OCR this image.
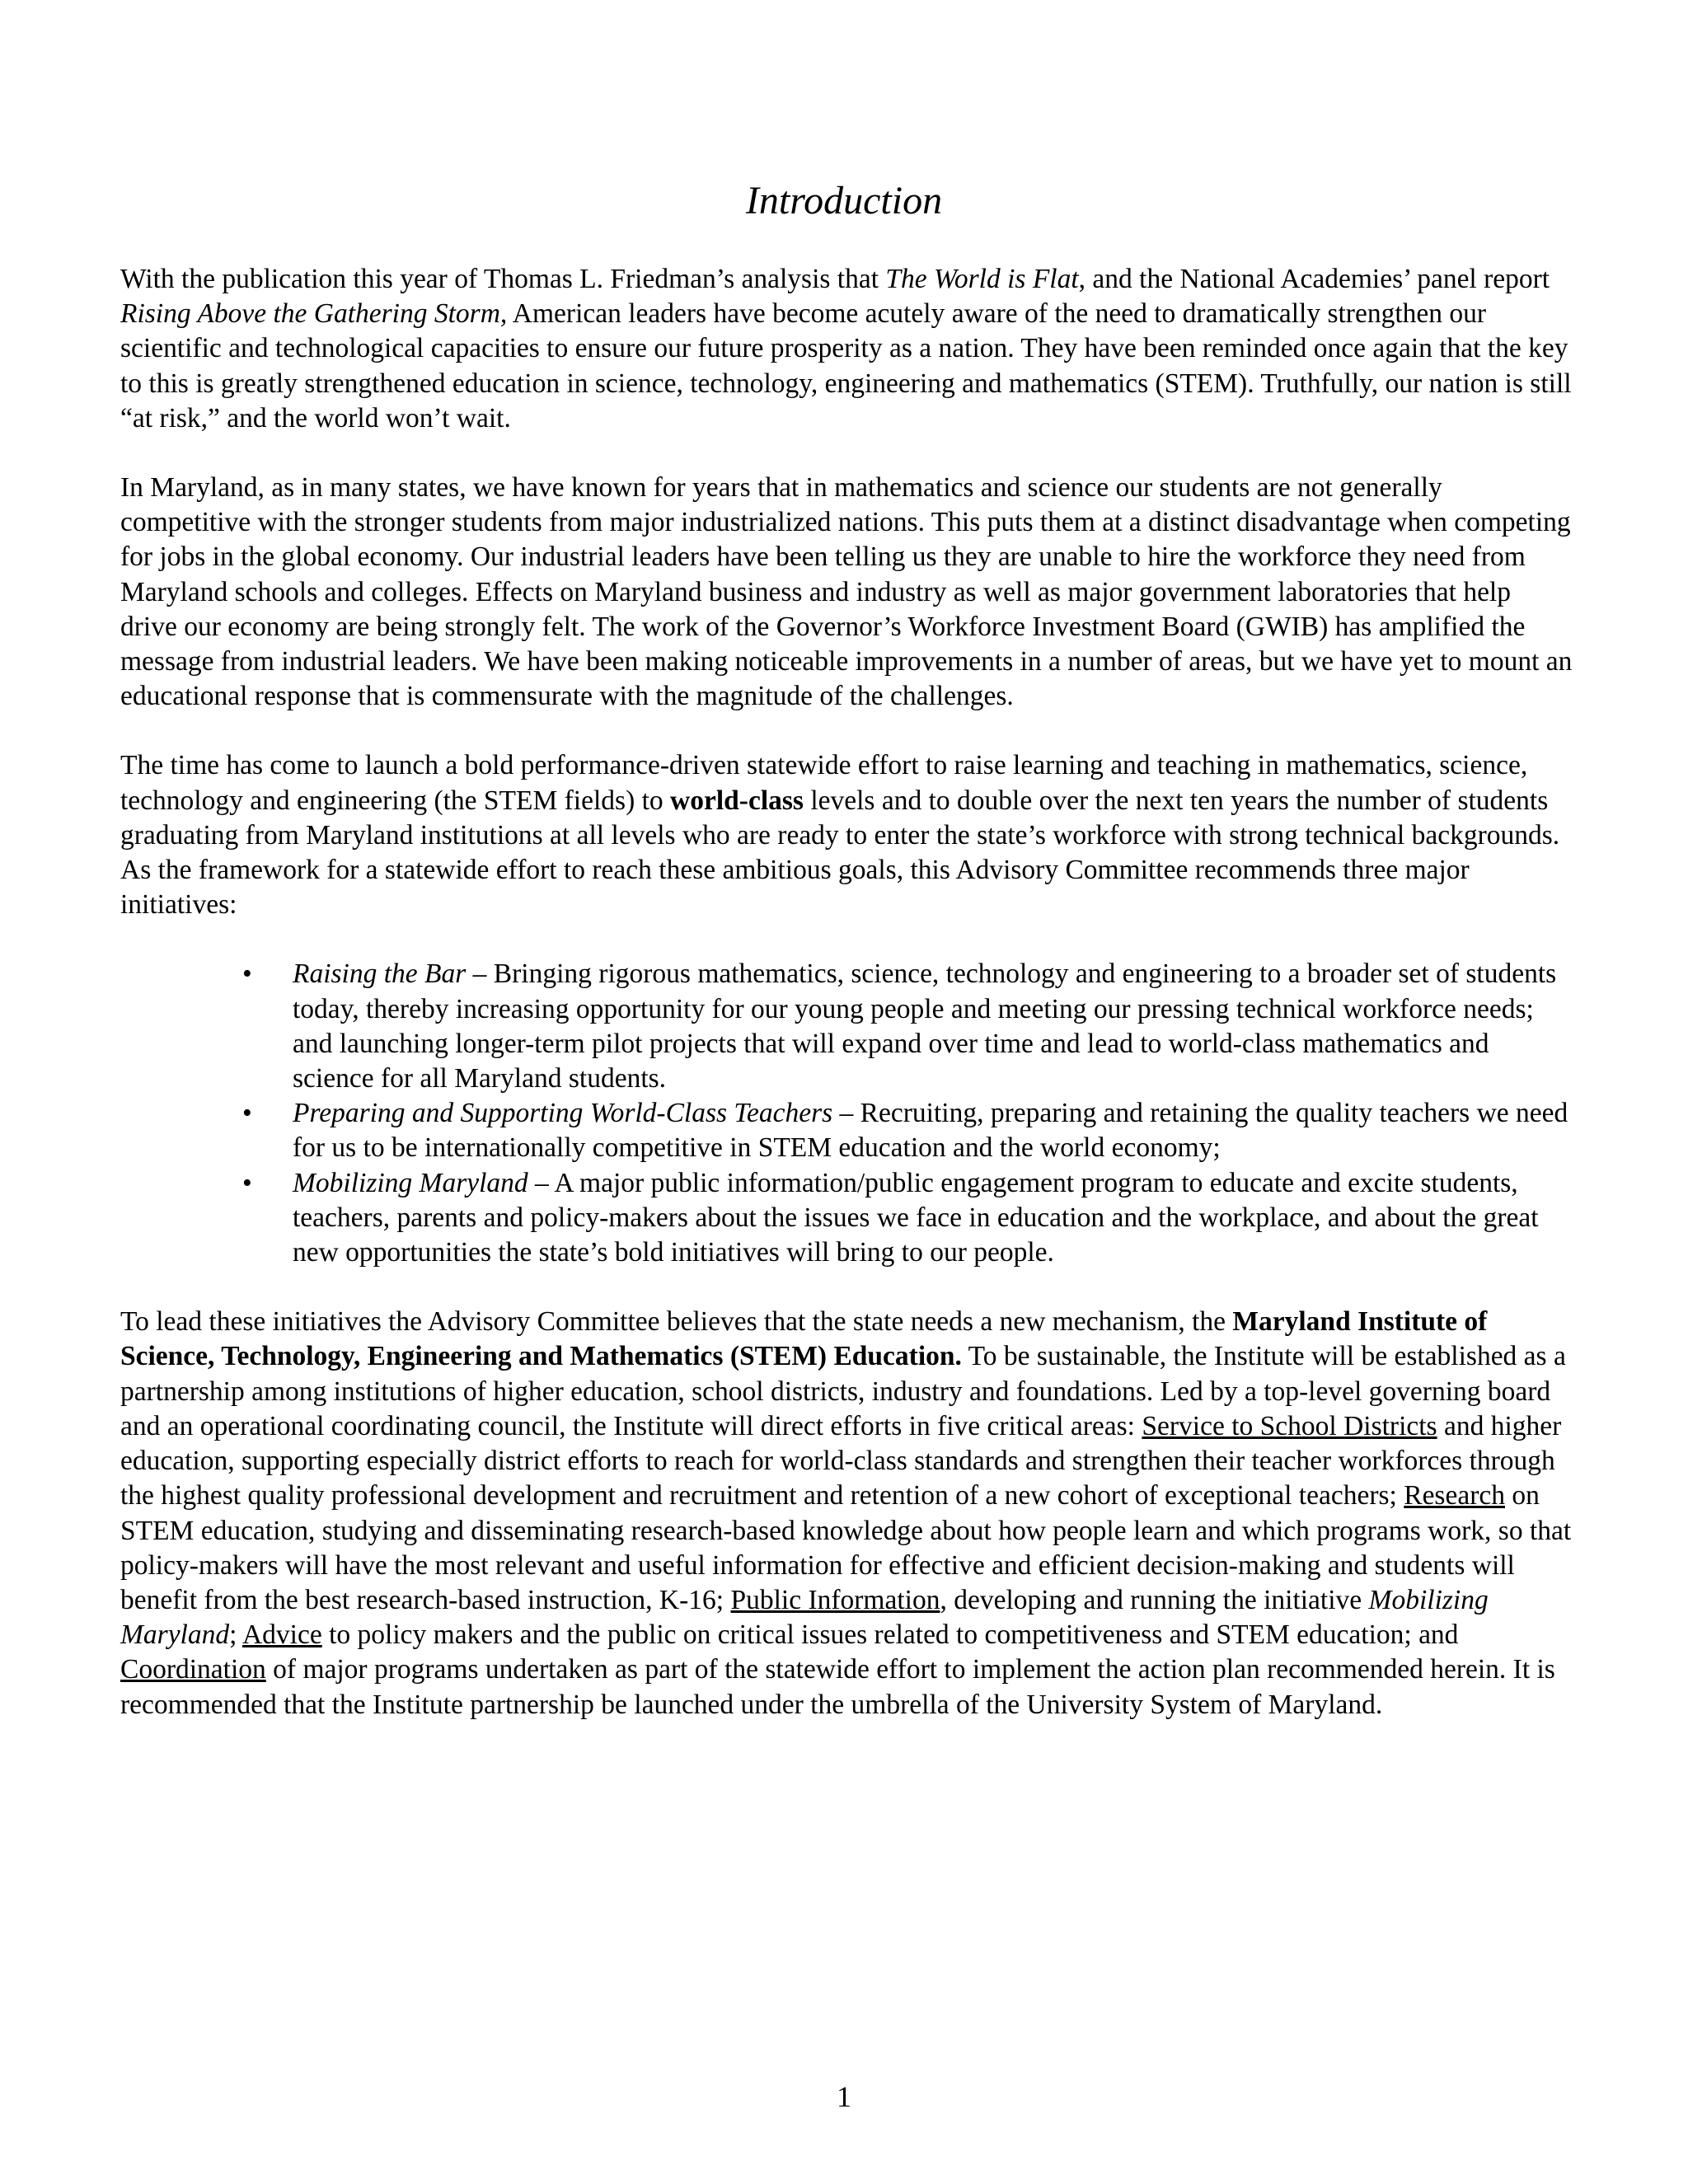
Introduction

With the publication this year of Thomas L. Friedman’s analysis that The World is Flat, and the National Academies’ panel report Rising Above the Gathering Storm, American leaders have become acutely aware of the need to dramatically strengthen our scientific and technological capacities to ensure our future prosperity as a nation. They have been reminded once again that the key to this is greatly strengthened education in science, technology, engineering and mathematics (STEM). Truthfully, our nation is still “at risk,” and the world won’t wait.

In Maryland, as in many states, we have known for years that in mathematics and science our students are not generally competitive with the stronger students from major industrialized nations. This puts them at a distinct disadvantage when competing for jobs in the global economy. Our industrial leaders have been telling us they are unable to hire the workforce they need from Maryland schools and colleges. Effects on Maryland business and industry as well as major government laboratories that help drive our economy are being strongly felt. The work of the Governor’s Workforce Investment Board (GWIB) has amplified the message from industrial leaders. We have been making noticeable improvements in a number of areas, but we have yet to mount an educational response that is commensurate with the magnitude of the challenges.

The time has come to launch a bold performance-driven statewide effort to raise learning and teaching in mathematics, science, technology and engineering (the STEM fields) to world-class levels and to double over the next ten years the number of students graduating from Maryland institutions at all levels who are ready to enter the state’s workforce with strong technical backgrounds. As the framework for a statewide effort to reach these ambitious goals, this Advisory Committee recommends three major initiatives:

• Raising the Bar – Bringing rigorous mathematics, science, technology and engineering to a broader set of students today, thereby increasing opportunity for our young people and meeting our pressing technical workforce needs; and launching longer-term pilot projects that will expand over time and lead to world-class mathematics and science for all Maryland students.
• Preparing and Supporting World-Class Teachers – Recruiting, preparing and retaining the quality teachers we need for us to be internationally competitive in STEM education and the world economy;
• Mobilizing Maryland – A major public information/public engagement program to educate and excite students, teachers, parents and policy-makers about the issues we face in education and the workplace, and about the great new opportunities the state’s bold initiatives will bring to our people.

To lead these initiatives the Advisory Committee believes that the state needs a new mechanism, the Maryland Institute of Science, Technology, Engineering and Mathematics (STEM) Education. To be sustainable, the Institute will be established as a partnership among institutions of higher education, school districts, industry and foundations. Led by a top-level governing board and an operational coordinating council, the Institute will direct efforts in five critical areas: Service to School Districts and higher education, supporting especially district efforts to reach for world-class standards and strengthen their teacher workforces through the highest quality professional development and recruitment and retention of a new cohort of exceptional teachers; Research on STEM education, studying and disseminating research-based knowledge about how people learn and which programs work, so that policy-makers will have the most relevant and useful information for effective and efficient decision-making and students will benefit from the best research-based instruction, K-16; Public Information, developing and running the initiative Mobilizing Maryland; Advice to policy makers and the public on critical issues related to competitiveness and STEM education; and Coordination of major programs undertaken as part of the statewide effort to implement the action plan recommended herein. It is recommended that the Institute partnership be launched under the umbrella of the University System of Maryland.

1
